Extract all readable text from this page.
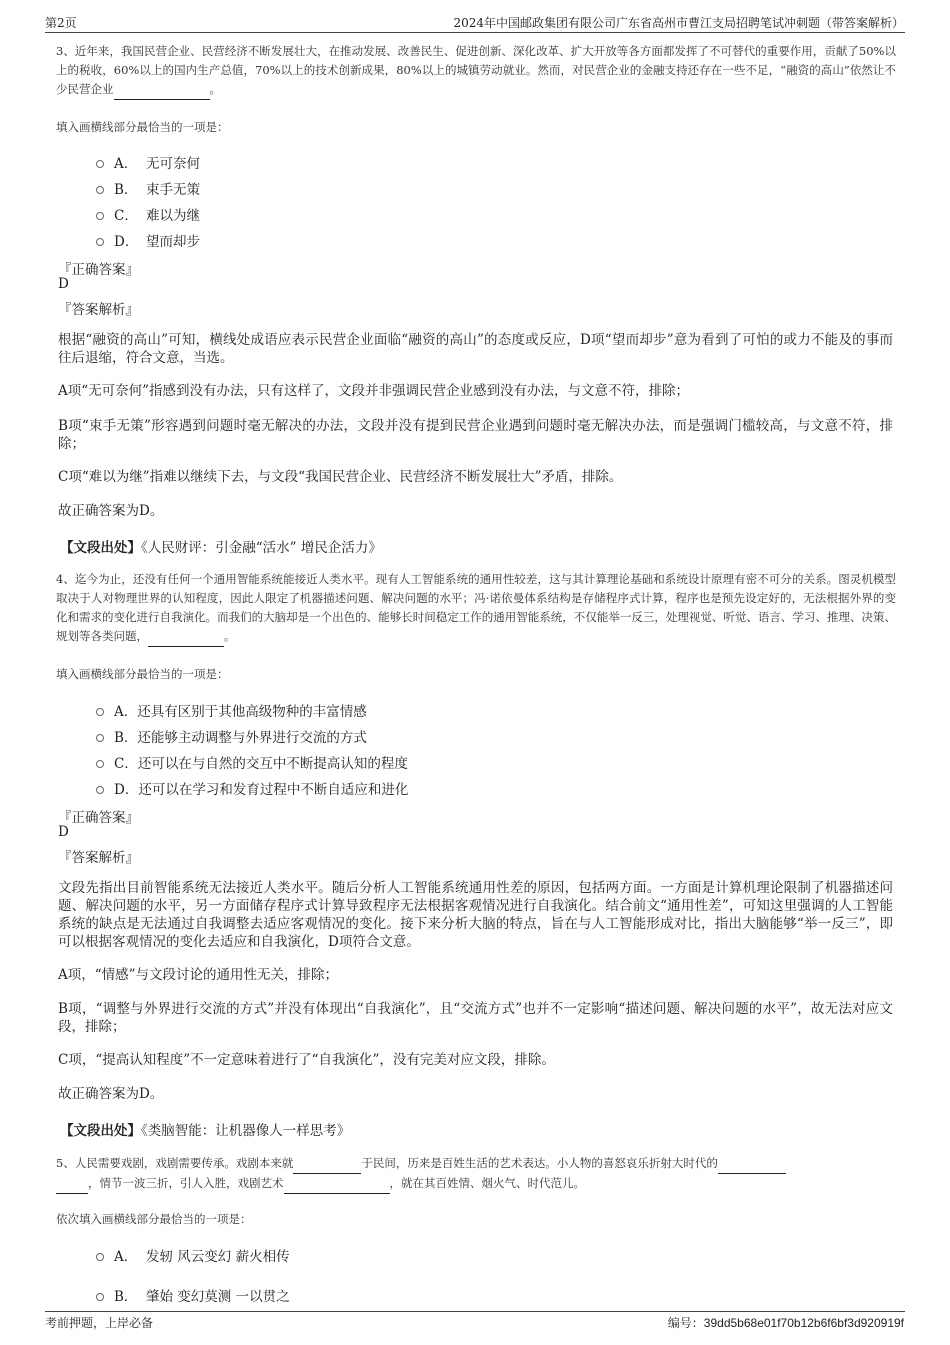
第2页	2024年中国邮政集团有限公司广东省高州市曹江支局招聘笔试冲刺题（带答案解析）
3、近年来，我国民营企业、民营经济不断发展壮大，在推动发展、改善民生、促进创新、深化改革、扩大开放等各方面都发挥了不可替代的重要作用，贡献了50%以上的税收，60%以上的国内生产总值，70%以上的技术创新成果，80%以上的城镇劳动就业。然而，对民营企业的金融支持还存在一些不足，“融资的高山”依然让不少民营企业	。
填入画横线部分最恰当的一项是：
A． 无可奈何
B． 束手无策
C． 难以为继
D． 望而却步
『正确答案』
D
『答案解析』
根据“融资的高山”可知，横线处成语应表示民营企业面临“融资的高山”的态度或反应，D项“望而却步”意为看到了可怕的或力不能及的事而往后退缩，符合文意，当选。
A项“无可奈何”指感到没有办法，只有这样了，文段并非强调民营企业感到没有办法，与文意不符，排除；
B项“束手无策”形容遇到问题时毫无解决的办法，文段并没有提到民营企业遇到问题时毫无解决办法，而是强调门槛较高，与文意不符，排除；
C项“难以为继”指难以继续下去，与文段“我国民营企业、民营经济不断发展壮大”矛盾，排除。
故正确答案为D。
【文段出处】《人民财评：引金融“活水” 增民企活力》
4、迄今为止，还没有任何一个通用智能系统能接近人类水平。现有人工智能系统的通用性较差，这与其计算理论基础和系统设计原理有密不可分的关系。图灵机模型取决于人对物理世界的认知程度，因此人限定了机器描述问题、解决问题的水平；冯·诺依曼体系结构是存储程序式计算，程序也是预先设定好的，无法根据外界的变化和需求的变化进行自我演化。而我们的大脑却是一个出色的、能够长时间稳定工作的通用智能系统，不仅能举一反三，处理视觉、听觉、语言、学习、推理、决策、规划等各类问题，	。
填入画横线部分最恰当的一项是：
A． 还具有区别于其他高级物种的丰富情感
B． 还能够主动调整与外界进行交流的方式
C． 还可以在与自然的交互中不断提高认知的程度
D． 还可以在学习和发育过程中不断自适应和进化
『正确答案』
D
『答案解析』
文段先指出目前智能系统无法接近人类水平。随后分析人工智能系统通用性差的原因，包括两方面。一方面是计算机理论限制了机器描述问题、解决问题的水平，另一方面储存程序式计算导致程序无法根据客观情况进行自我演化。结合前文“通用性差”，可知这里强调的人工智能系统的缺点是无法通过自我调整去适应客观情况的变化。接下来分析大脑的特点，旨在与人工智能形成对比，指出大脑能够“举一反三”，即可以根据客观情况的变化去适应和自我演化，D项符合文意。
A项，“情感”与文段讨论的通用性无关，排除；
B项，“调整与外界进行交流的方式”并没有体现出“自我演化”，且“交流方式”也并不一定影响“描述问题、解决问题的水平”，故无法对应文段，排除；
C项，“提高认知程度”不一定意味着进行了“自我演化”，没有完美对应文段，排除。
故正确答案为D。
【文段出处】《类脑智能：让机器像人一样思考》
5、人民需要戏剧，戏剧需要传承。戏剧本来就	于民间，历来是百姓生活的艺术表达。小人物的喜怒哀乐折射大时代的
，情节一波三折，引人入胜，戏剧艺术	，就在其百姓情、烟火气、时代范儿。
依次填入画横线部分最恰当的一项是：
A． 发轫 风云变幻 薪火相传
B． 肇始 变幻莫测 一以贯之
考前押题，上岸必备	编号：39dd5b68e01f70b12b6f6bf3d920919f
